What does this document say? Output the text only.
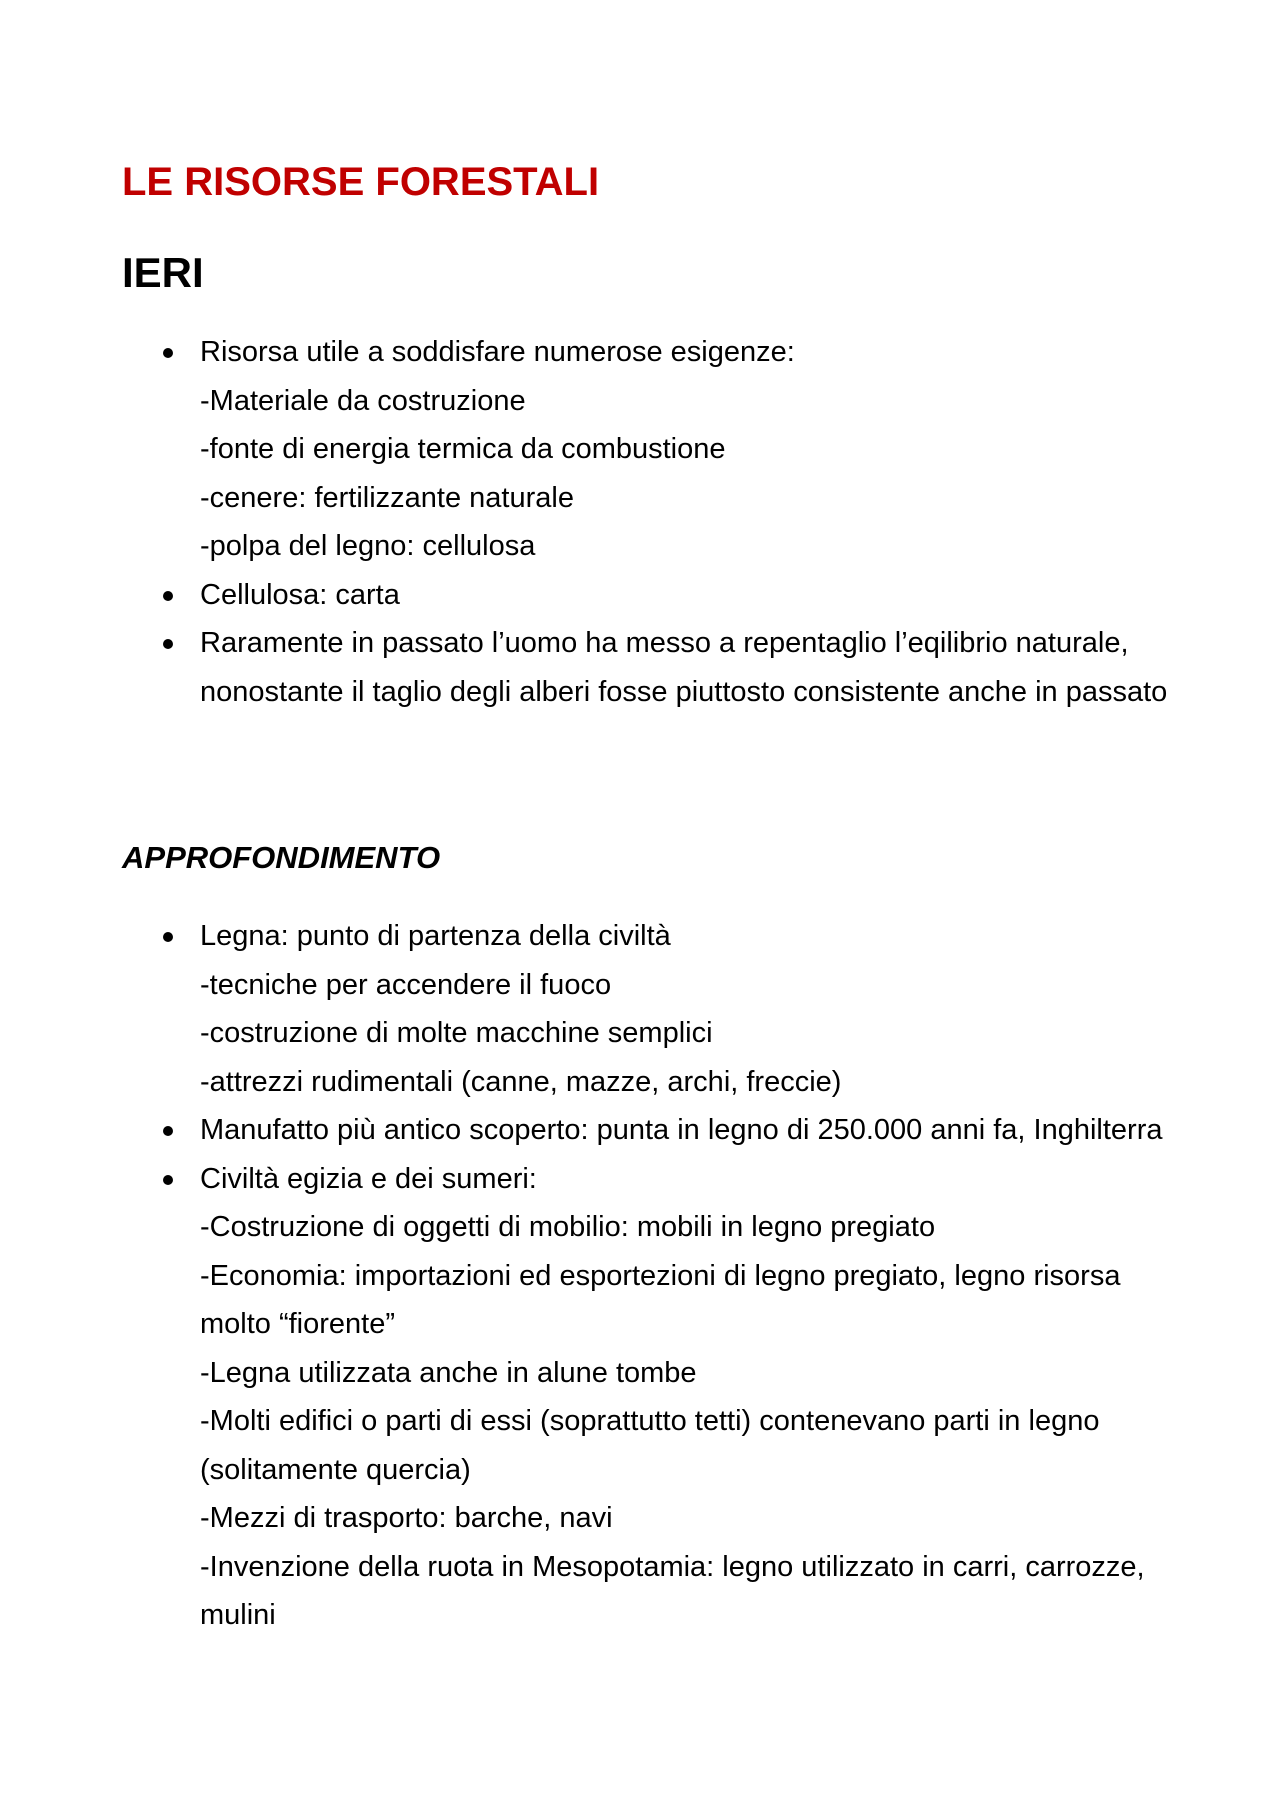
LE RISORSE FORESTALI
IERI
Risorsa utile a soddisfare numerose esigenze:
-Materiale da costruzione
-fonte di energia termica da combustione
-cenere: fertilizzante naturale
-polpa del legno: cellulosa
Cellulosa: carta
Raramente in passato l’uomo ha messo a repentaglio l’eqilibrio naturale, nonostante il taglio degli alberi fosse piuttosto consistente anche in passato
APPROFONDIMENTO
Legna: punto di partenza della civiltà
-tecniche per accendere il fuoco
-costruzione di molte macchine semplici
-attrezzi rudimentali (canne, mazze, archi, freccie)
Manufatto più antico scoperto: punta in legno di 250.000 anni fa, Inghilterra
Civiltà egizia e dei sumeri:
-Costruzione di oggetti di mobilio: mobili in legno pregiato
-Economia: importazioni ed esportezioni di legno pregiato, legno risorsa molto “fiorente”
-Legna utilizzata anche in alune tombe
-Molti edifici o parti di essi (soprattutto tetti) contenevano parti in legno (solitamente quercia)
-Mezzi di trasporto: barche, navi
-Invenzione della ruota in Mesopotamia: legno utilizzato in carri, carrozze, mulini
